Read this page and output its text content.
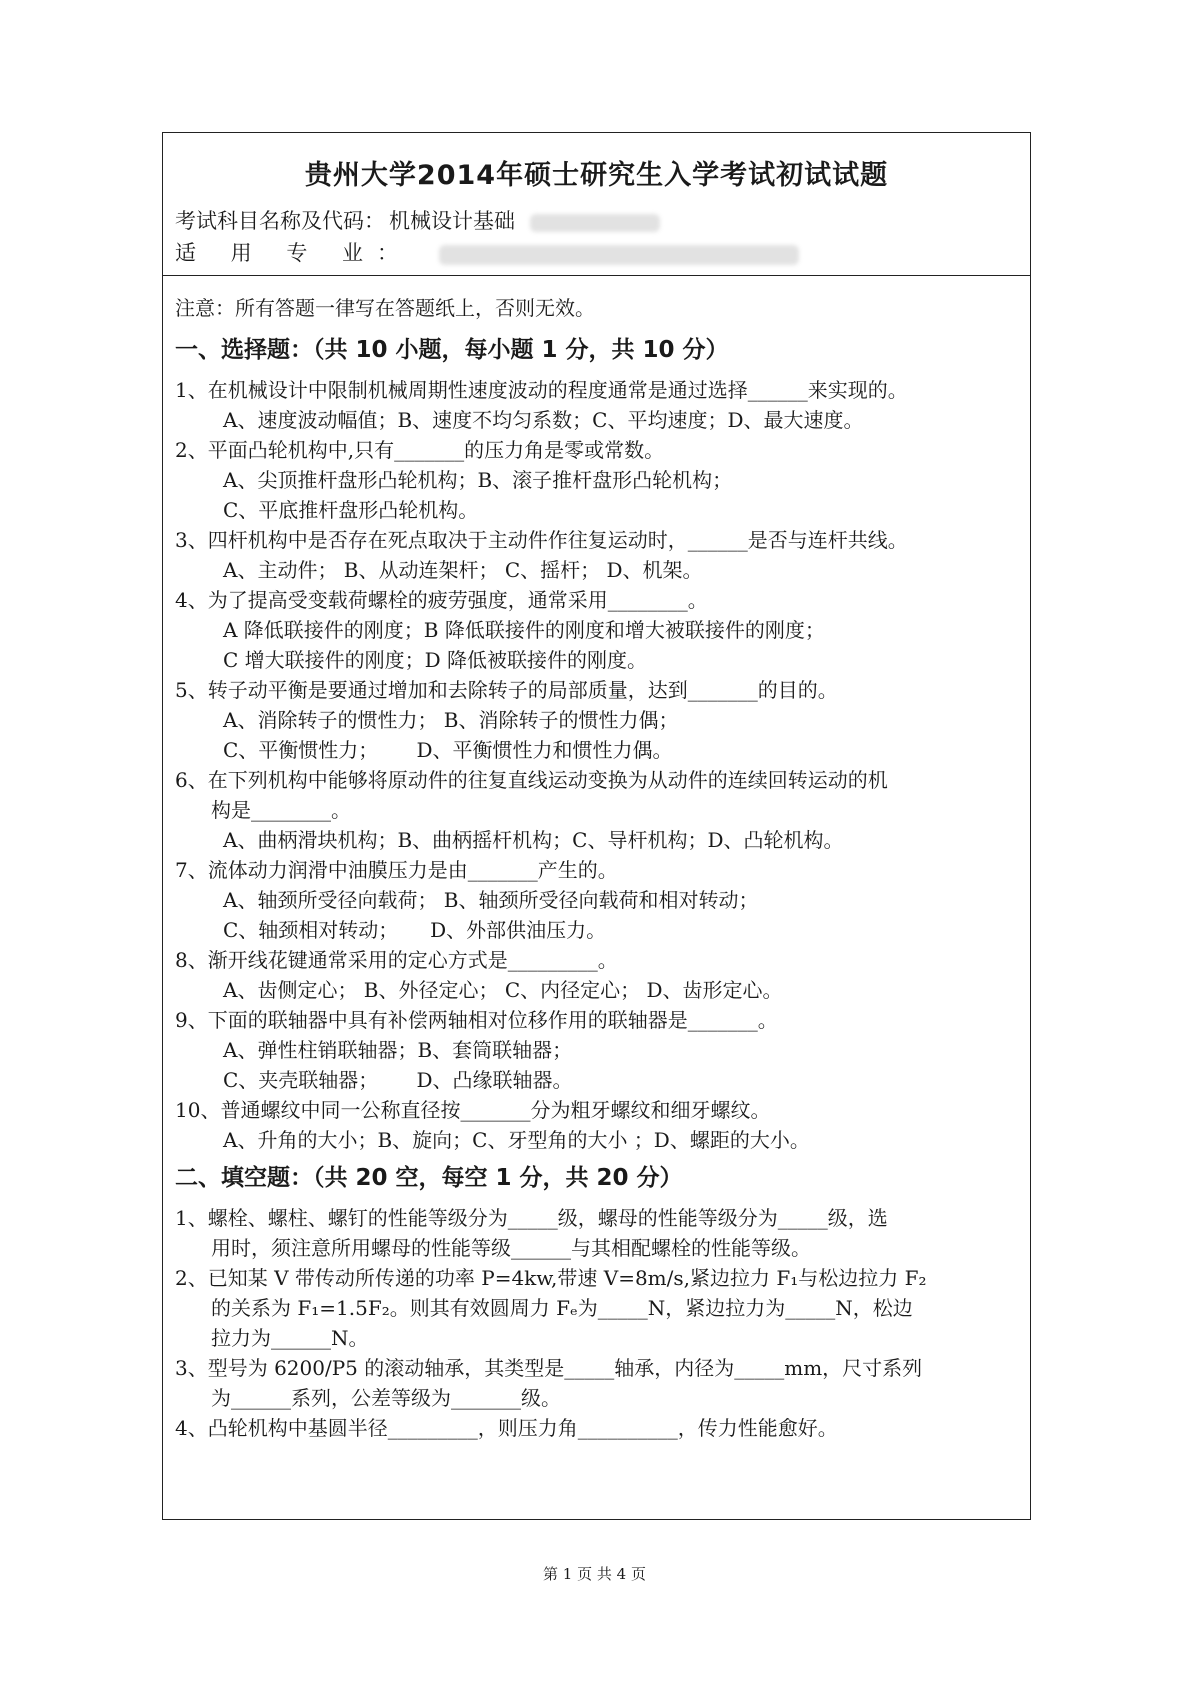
贵州大学2014年硕士研究生入学考试初试试题
考试科目名称及代码： 机械设计基础
适 用 专 业：
注意：所有答题一律写在答题纸上，否则无效。
一、选择题：（共 10 小题，每小题 1 分，共 10 分）
1、在机械设计中限制机械周期性速度波动的程度通常是通过选择______来实现的。
A、速度波动幅值；B、速度不均匀系数；C、平均速度；D、最大速度。
2、平面凸轮机构中,只有_______的压力角是零或常数。
A、尖顶推杆盘形凸轮机构；B、滚子推杆盘形凸轮机构；
C、平底推杆盘形凸轮机构。
3、四杆机构中是否存在死点取决于主动件作往复运动时，______是否与连杆共线。
A、主动件； B、从动连架杆； C、摇杆； D、机架。
4、为了提高受变载荷螺栓的疲劳强度，通常采用________。
A 降低联接件的刚度；B 降低联接件的刚度和增大被联接件的刚度；
C 增大联接件的刚度；D 降低被联接件的刚度。
5、转子动平衡是要通过增加和去除转子的局部质量，达到_______的目的。
A、消除转子的惯性力； B、消除转子的惯性力偶；
C、平衡惯性力；      D、平衡惯性力和惯性力偶。
6、在下列机构中能够将原动件的往复直线运动变换为从动件的连续回转运动的机
构是________。
A、曲柄滑块机构；B、曲柄摇杆机构；C、导杆机构；D、凸轮机构。
7、流体动力润滑中油膜压力是由_______产生的。
A、轴颈所受径向载荷； B、轴颈所受径向载荷和相对转动；
C、轴颈相对转动；     D、外部供油压力。
8、渐开线花键通常采用的定心方式是_________。
A、齿侧定心； B、外径定心； C、内径定心； D、齿形定心。
9、下面的联轴器中具有补偿两轴相对位移作用的联轴器是_______。
A、弹性柱销联轴器；B、套筒联轴器；
C、夹壳联轴器；      D、凸缘联轴器。
10、普通螺纹中同一公称直径按_______分为粗牙螺纹和细牙螺纹。
A、升角的大小；B、旋向；C、牙型角的大小 ；D、螺距的大小。
二、填空题：（共 20 空，每空 1 分，共 20 分）
1、螺栓、螺柱、螺钉的性能等级分为_____级，螺母的性能等级分为_____级，选
用时，须注意所用螺母的性能等级______与其相配螺栓的性能等级。
2、已知某 V 带传动所传递的功率 P=4kw,带速 V=8m/s,紧边拉力 F₁与松边拉力 F₂
的关系为 F₁=1.5F₂。则其有效圆周力 Fₑ为_____N，紧边拉力为_____N，松边
拉力为______N。
3、型号为 6200/P5 的滚动轴承，其类型是_____轴承，内径为_____mm，尺寸系列
为______系列，公差等级为_______级。
4、凸轮机构中基圆半径_________，则压力角__________，传力性能愈好。
第 1 页 共 4 页
